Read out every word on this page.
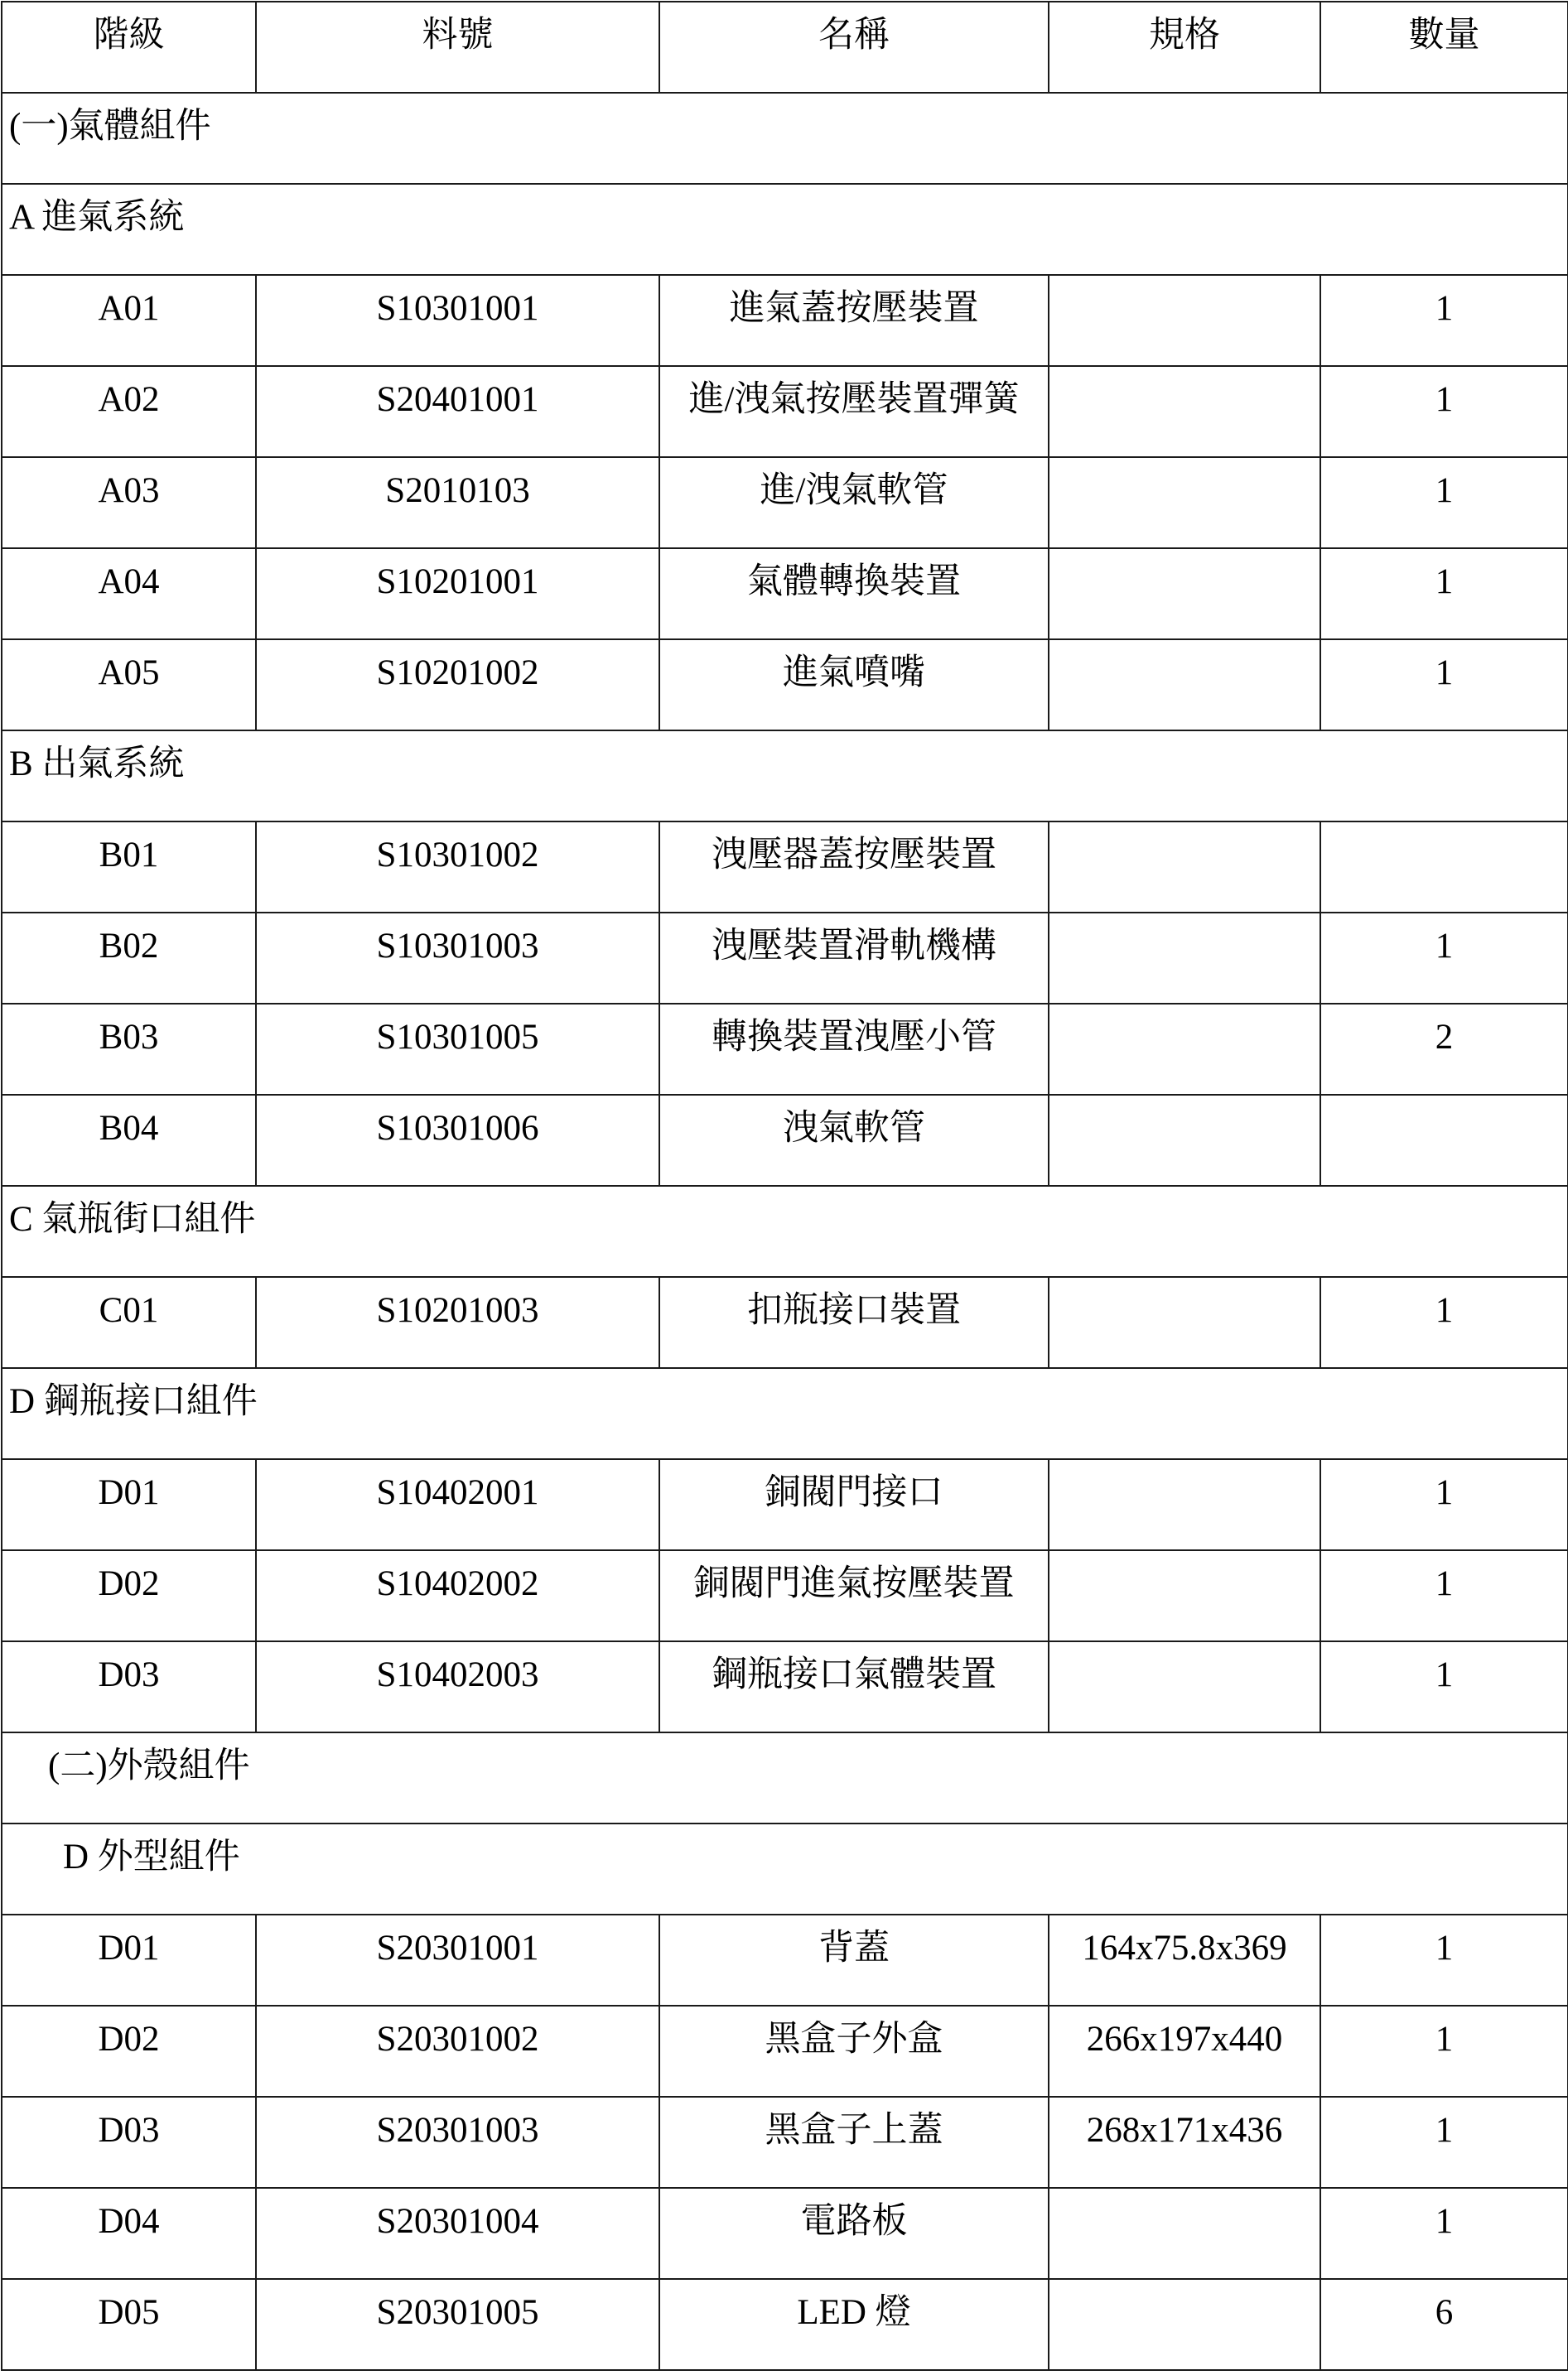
階級	料號	名稱	規格	數量
(一)氣體組件				
A 進氣系統				
A01	S10301001	進氣蓋按壓裝置		1
A02	S20401001	進/洩氣按壓裝置彈簧		1
A03	S2010103	進/洩氣軟管		1
A04	S10201001	氣體轉換裝置		1
A05	S10201002	進氣噴嘴		1
B 出氣系統				
B01	S10301002	洩壓器蓋按壓裝置		
B02	S10301003	洩壓裝置滑軌機構		1
B03	S10301005	轉換裝置洩壓小管		2
B04	S10301006	洩氣軟管		
C 氣瓶街口組件				
C01	S10201003	扣瓶接口裝置		1
D 鋼瓶接口組件				
D01	S10402001	銅閥門接口		1
D02	S10402002	銅閥門進氣按壓裝置		1
D03	S10402003	鋼瓶接口氣體裝置		1
(二)外殼組件				
D 外型組件				
D01	S20301001	背蓋	164x75.8x369	1
D02	S20301002	黑盒子外盒	266x197x440	1
D03	S20301003	黑盒子上蓋	268x171x436	1
D04	S20301004	電路板		1
D05	S20301005	LED 燈		6
